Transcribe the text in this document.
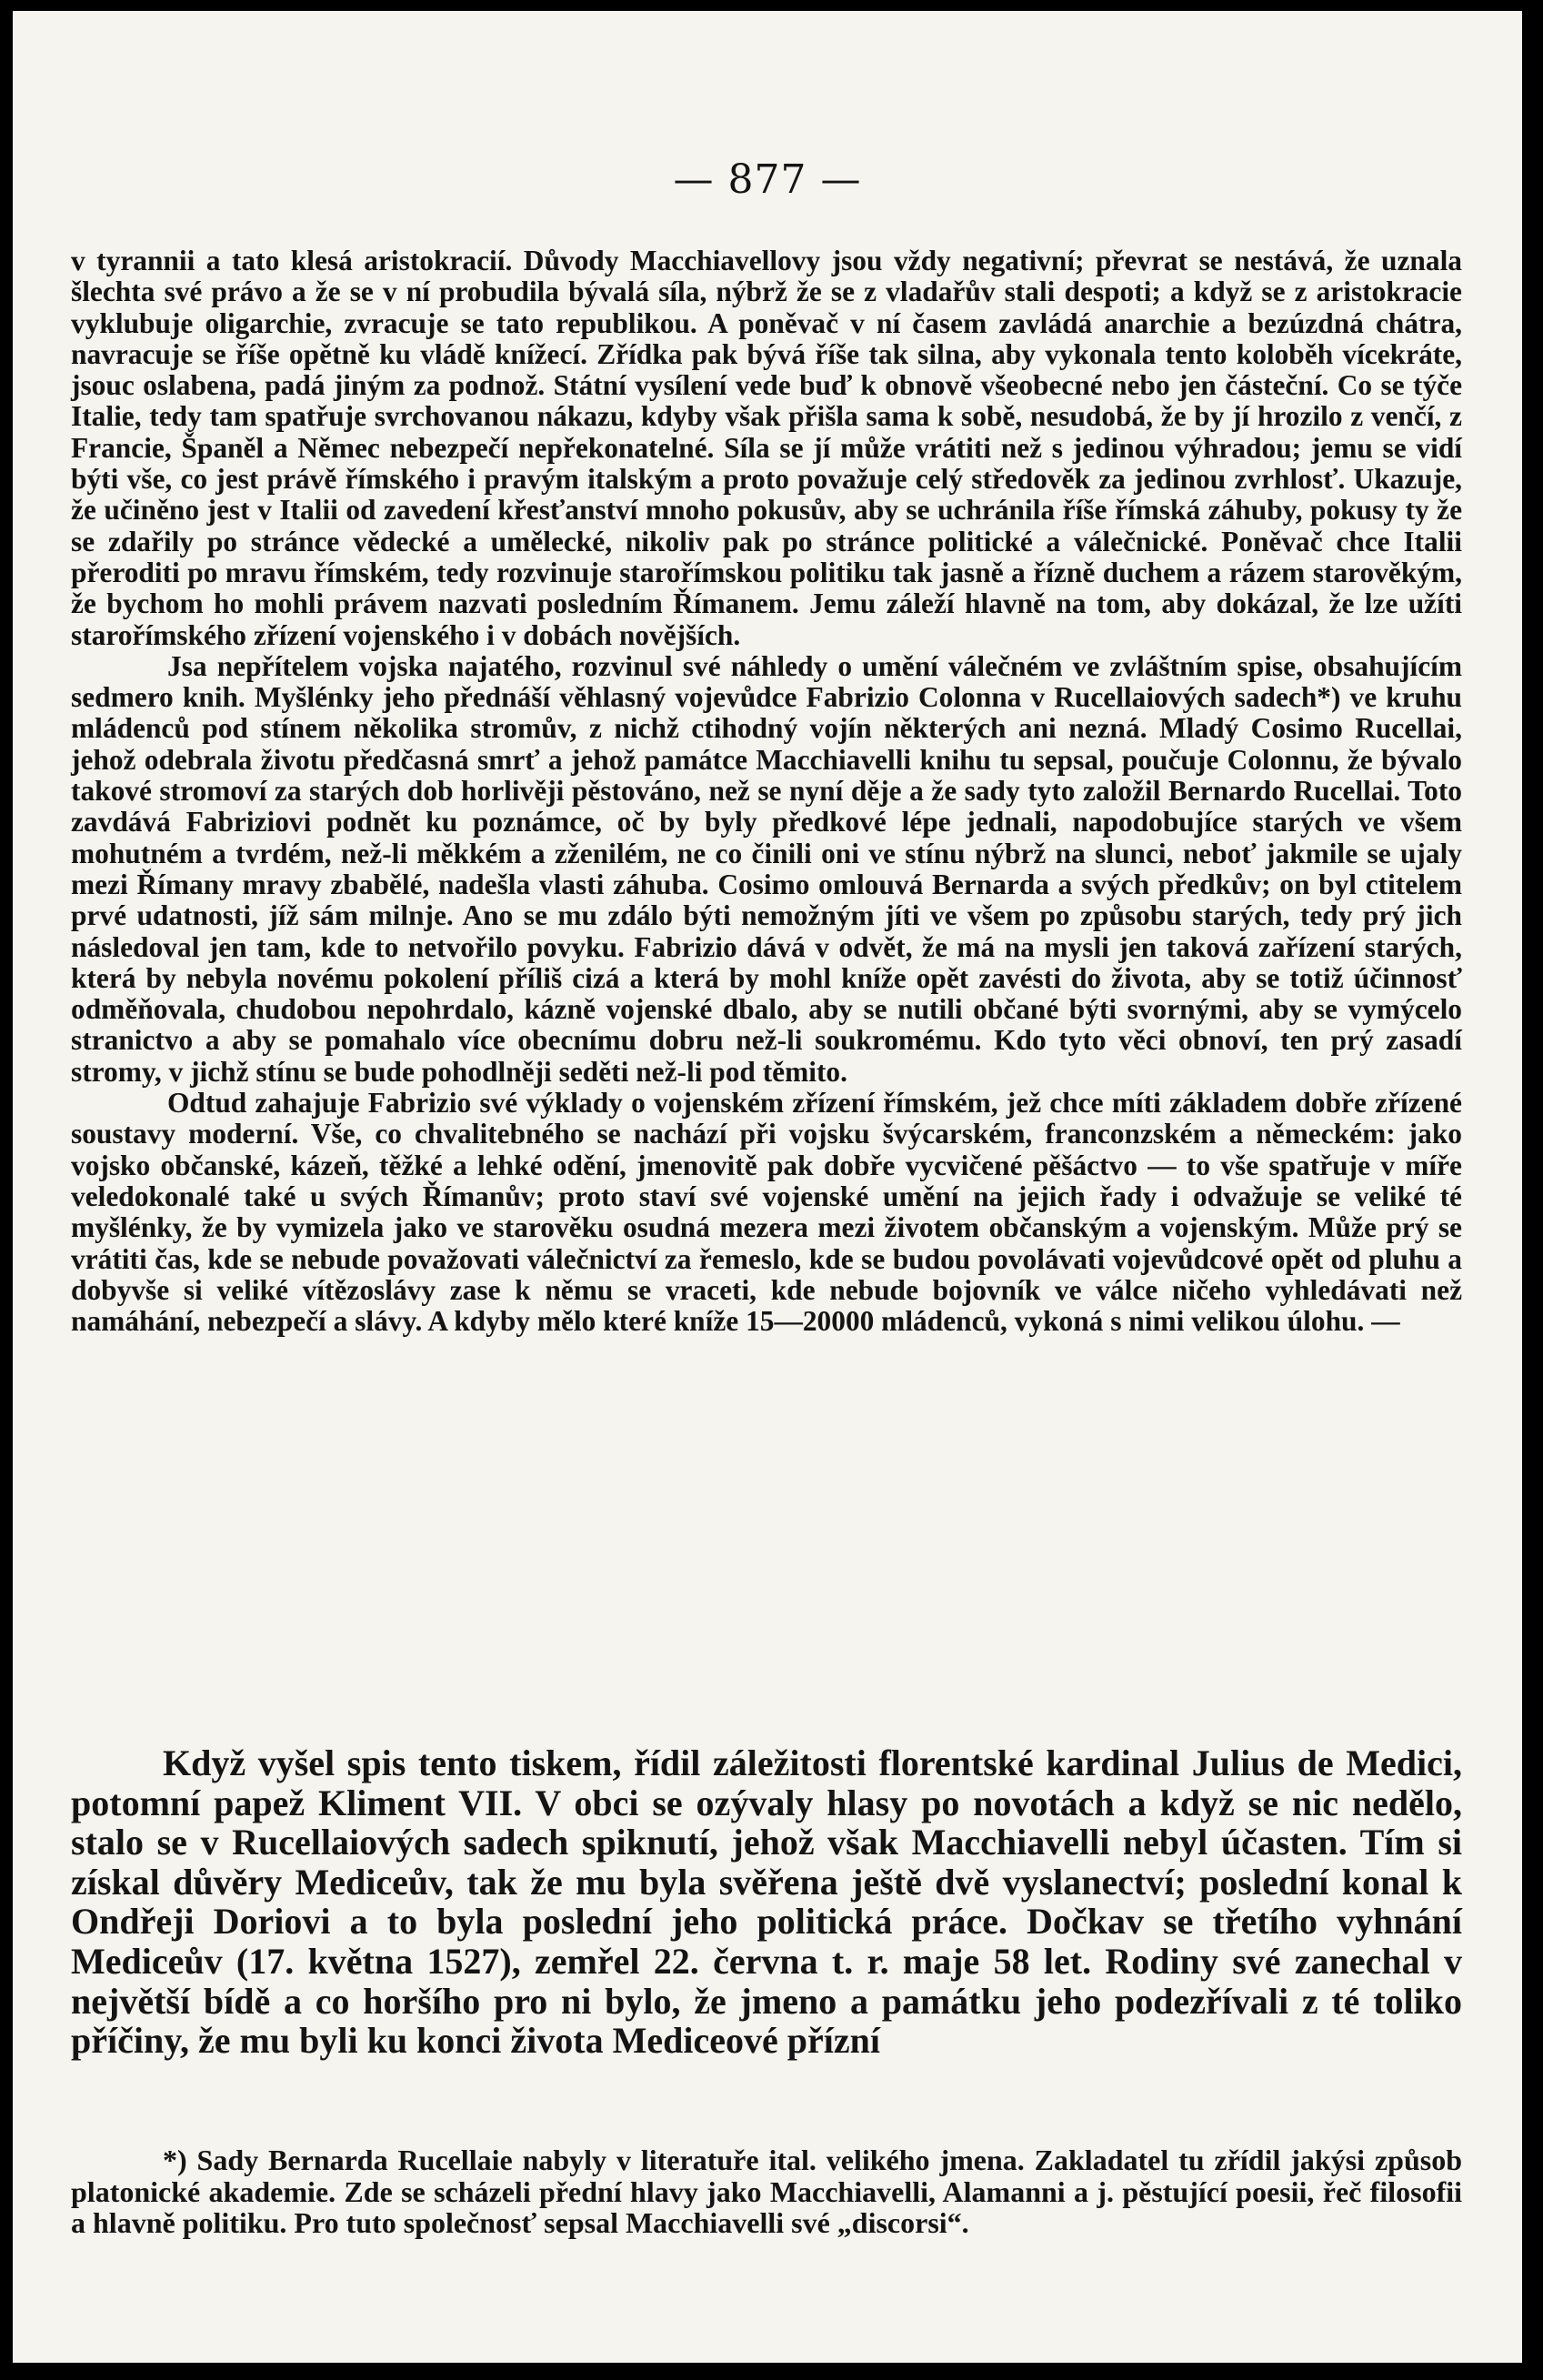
— 877 —

v tyrannii a tato klesá aristokracií. Důvody Macchiavellovy jsou vždy negativní; převrat se nestává, že uznala šlechta své právo a že se v ní probudila bývalá síla, nýbrž že se z vladařův stali despoti; a když se z aristokracie vyklubuje oligarchie, zvracuje se tato republikou. A poněvač v ní časem zavládá anarchie a bezúzdná chátra, navracuje se říše opětně ku vládě knížecí. Zřídka pak bývá říše tak silna, aby vykonala tento koloběh vícekráte, jsouc oslabena, padá jiným za podnož. Státní vysílení vede buď k obnově všeobecné nebo jen částeční. Co se týče Italie, tedy tam spatřuje svrchovanou nákazu, kdyby však přišla sama k sobě, nesudobá, že by jí hrozilo z venčí, z Francie, Španěl a Němec nebezpečí nepřekonatelné. Síla se jí může vrátiti než s jedinou výhradou; jemu se vidí býti vše, co jest právě římského i pravým italským a proto považuje celý středověk za jedinou zvrhlosť. Ukazuje, že učiněno jest v Italii od zavedení křesťanství mnoho pokusův, aby se uchránila říše římská záhuby, pokusy ty že se zdařily po stránce vědecké a umělecké, nikoliv pak po stránce politické a válečnické. Poněvač chce Italii přeroditi po mravu římském, tedy rozvinuje starořímskou politiku tak jasně a řízně duchem a rázem starověkým, že bychom ho mohli právem nazvati posledním Římanem. Jemu záleží hlavně na tom, aby dokázal, že lze užíti starořímského zřízení vojenského i v dobách novějších.

Jsa nepřítelem vojska najatého, rozvinul své náhledy o umění válečném ve zvláštním spise, obsahujícím sedmero knih. Myšlénky jeho přednáší věhlasný vojevůdce Fabrizio Colonna v Rucellaiových sadech*) ve kruhu mládenců pod stínem několika stromův, z nichž ctihodný vojín některých ani nezná. Mladý Cosimo Rucellai, jehož odebrala životu předčasná smrť a jehož památce Macchiavelli knihu tu sepsal, poučuje Colonnu, že bývalo takové stromoví za starých dob horlivěji pěstováno, než se nyní děje a že sady tyto založil Bernardo Rucellai. Toto zavdává Fabriziovi podnět ku poznámce, oč by byly předkové lépe jednali, napodobujíce starých ve všem mohutném a tvrdém, než-li měkkém a zženilém, ne co činili oni ve stínu nýbrž na slunci, neboť jakmile se ujaly mezi Římany mravy zbabělé, nadešla vlasti záhuba. Cosimo omlouvá Bernarda a svých předkův; on byl ctitelem prvé udatnosti, jíž sám milnje. Ano se mu zdálo býti nemožným jíti ve všem po způsobu starých, tedy prý jich následoval jen tam, kde to netvořilo povyku. Fabrizio dává v odvět, že má na mysli jen taková zařízení starých, která by nebyla novému pokolení příliš cizá a která by mohl kníže opět zavésti do života, aby se totiž účinnosť odměňovala, chudobou nepohrdalo, kázně vojenské dbalo, aby se nutili občané býti svornými, aby se vymýcelo stranictvo a aby se pomahalo více obecnímu dobru než-li soukromému. Kdo tyto věci obnoví, ten prý zasadí stromy, v jichž stínu se bude pohodlněji seděti než-li pod těmito.

Odtud zahajuje Fabrizio své výklady o vojenském zřízení římském, jež chce míti základem dobře zřízené soustavy moderní. Vše, co chvalitebného se nachází při vojsku švýcarském, franconzském a německém: jako vojsko občanské, kázeň, těžké a lehké odění, jmenovitě pak dobře vycvičené pěšáctvo — to vše spatřuje v míře veledokonalé také u svých Římanův; proto staví své vojenské umění na jejich řady i odvažuje se veliké té myšlénky, že by vymizela jako ve starověku osudná mezera mezi životem občanským a vojenským. Může prý se vrátiti čas, kde se nebude považovati válečnictví za řemeslo, kde se budou povolávati vojevůdcové opět od pluhu a dobyvše si veliké vítězoslávy zase k němu se vraceti, kde nebude bojovník ve válce ničeho vyhledávati než namáhání, nebezpečí a slávy. A kdyby mělo které kníže 15—20000 mládenců, vykoná s nimi velikou úlohu. —

Když vyšel spis tento tiskem, řídil záležitosti florentské kardinal Julius de Medici, potomní papež Kliment VII. V obci se ozývaly hlasy po novotách a když se nic nedělo, stalo se v Rucellaiových sadech spiknutí, jehož však Macchiavelli nebyl účasten. Tím si získal důvěry Mediceův, tak že mu byla svěřena ještě dvě vyslanectví; poslední konal k Ondřeji Doriovi a to byla poslední jeho politická práce. Dočkav se třetího vyhnání Mediceův (17. května 1527), zemřel 22. června t. r. maje 58 let. Rodiny své zanechal v největší bídě a co horšího pro ni bylo, že jmeno a památku jeho podezřívali z té toliko příčiny, že mu byli ku konci života Mediceové přízní

*) Sady Bernarda Rucellaie nabyly v literatuře ital. velikého jmena. Zakladatel tu zřídil jakýsi způsob platonické akademie. Zde se scházeli přední hlavy jako Macchiavelli, Alamanni a j. pěstující poesii, řeč filosofii a hlavně politiku. Pro tuto společnosť sepsal Macchiavelli své „discorsi“.
